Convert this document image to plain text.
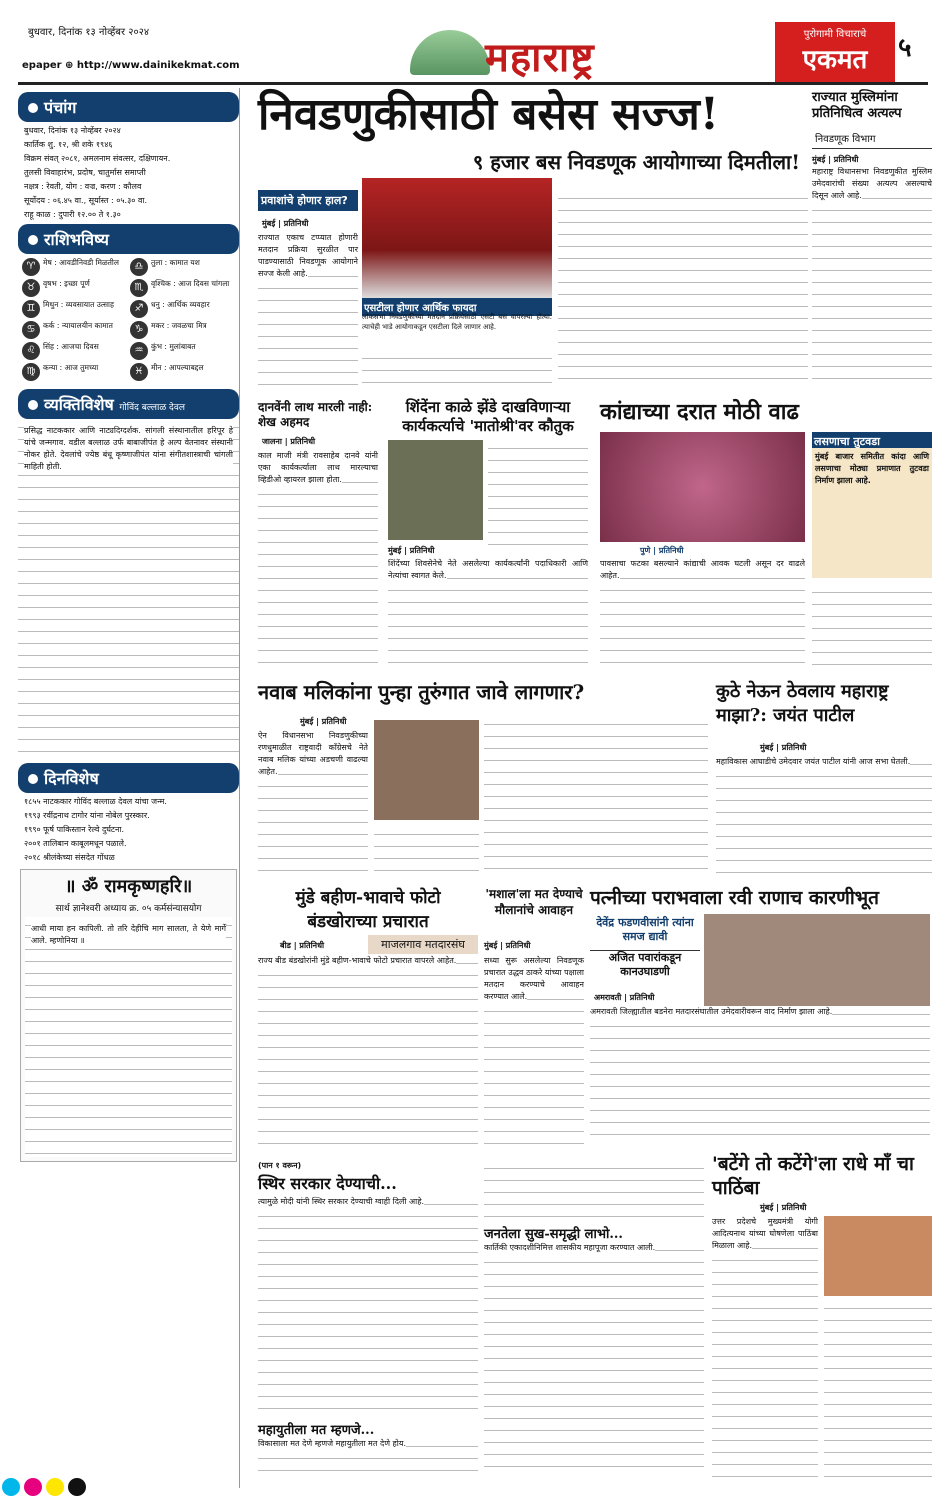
बुधवार, दिनांक १३ नोव्हेंबर २०२४
epaper ⊕ http://www.dainikekmat.com	महाराष्ट्र
पुरोगामी विचाराचे
एकमत	५
पंचांग
बुधवार, दिनांक १३ नोव्हेंबर २०२४
कार्तिक शु. १२, श्री शके १९४६
विक्रम संवत् २०८१, अमलनाम संवत्सर, दक्षिणायन.
तुलसी विवाहारंभ, प्रदोष, चातुर्मास समाप्ती
नक्षत्र : रेवती, योग : वज्र, करण : कौलव
सूर्योदय : ०६.४५ वा., सूर्यास्त : ०५.३० वा.
राहू काळ : दुपारी १२.०० ते १.३०
राशिभविष्य
♈	मेष : आवडीनिवडी मिळतील	♎	तुला : कामात यश
♉	वृषभ : इच्छा पूर्ण	♏	वृश्चिक : आज दिवस चांगला
♊	मिथुन : व्यवसायात उत्साह	♐	धनु : आर्थिक व्यवहार
♋	कर्क : न्यायालयीन कामात	♑	मकर : जवळचा मित्र
♌	सिंह : आजचा दिवस	♒	कुंभ : मुलांबाबत
♍	कन्या : आज तुमच्या	♓	मीन : आपल्याबद्दल
व्यक्तिविशेष गोविंद बल्लाळ देवल

प्रसिद्ध नाटककार आणि नाट्यदिग्दर्शक. सांगली संस्थानातील हरिपूर हे यांचे जन्मगाव. वडील बल्लाळ उर्फ बाबाजीपंत हे अल्प वेतनावर संस्थानी नोकर होते. देवलांचे ज्येष्ठ बंधू कृष्णाजीपंत यांना संगीतशास्त्राची चांगली माहिती होती.

दिनविशेष
१८५५ नाटककार गोविंद बल्लाळ देवल यांचा जन्म.
१९९३ रवींद्रनाथ टागोर यांना नोबेल पुरस्कार.
१९९० फूर्ष पाकिस्तान रेल्वे दुर्घटना.
२००१ तालिबान काबूलमधून पळाले.
२०१८ श्रीलंकेच्या संसदेत गोंधळ
॥ ॐ रामकृष्णहरि॥
सार्थ ज्ञानेश्वरी अध्याय क्र. ०५ कर्मसंन्यासयोग

आधी माया हन कापिली. तो तरि देहीचि माग सालता, ते येणे मार्गे आले. म्हणोनिया ॥

निवडणुकीसाठी बसेस सज्ज!
९ हजार बस निवडणूक आयोगाच्या दिमतीला!
प्रवाशांचे होणार हाल?
एसटीला होणार आर्थिक फायदा
लोकसभा निवडणुकीच्या मतदान प्रक्रियेसाठी एसटी बस वापरल्या होत्या. त्याचेही भाडे आयोगाकडून एसटीला दिले जाणार आहे.
मुंबई | प्रतिनिधी
राज्यात एकाच टप्प्यात होणारी मतदान प्रक्रिया सुरळीत पार पाडण्यासाठी निवडणूक आयोगाने सज्ज केली आहे.
राज्यात मुस्लिमांना प्रतिनिधित्व अत्यल्प
निवडणूक विभाग
मुंबई | प्रतिनिधी
महाराष्ट्र विधानसभा निवडणुकीत मुस्लिम उमेदवारांची संख्या अत्यल्प असल्याचे दिसून आले आहे.
दानवेंनी लाथ मारली नाही: शेख अहमद
जालना | प्रतिनिधी
काल माजी मंत्री रावसाहेब दानवे यांनी एका कार्यकर्त्याला लाथ मारल्याचा व्हिडीओ व्हायरल झाला होता.
शिंदेंना काळे झेंडे दाखविणाऱ्या कार्यकर्त्याचे 'मातोश्री'वर कौतुक
मुंबई | प्रतिनिधी
शिंदेंच्या शिवसेनेचे नेते असलेल्या कार्यकर्त्यांनी पदाधिकारी आणि नेत्यांचा स्वागत केले.
कांद्याच्या दरात मोठी वाढ
पुणे | प्रतिनिधी
पावसाचा फटका बसल्याने कांद्याची आवक घटली असून दर वाढले आहेत.
लसणाचा तुटवडा
मुंबई बाजार समितीत कांदा आणि लसणाचा मोठ्या प्रमाणात तुटवडा निर्माण झाला आहे.
नवाब मलिकांना पुन्हा तुरुंगात जावे लागणार?
मुंबई | प्रतिनिधी
ऐन विधानसभा निवडणुकीच्या रणधुमाळीत राष्ट्रवादी काँग्रेसचे नेते नवाब मलिक यांच्या अडचणी वाढल्या आहेत.
कुठे नेऊन ठेवलाय महाराष्ट्र माझा?: जयंत पाटील
मुंबई | प्रतिनिधी
महाविकास आघाडीचे उमेदवार जयंत पाटील यांनी आज सभा घेतली.
मुंडे बहीण-भावाचे फोटो बंडखोराच्या प्रचारात
बीड | प्रतिनिधी	माजलगाव मतदारसंघ
राज्य बीड बंडखोरांनी मुंडे बहीण-भावाचे फोटो प्रचारात वापरले आहेत.
'मशाल'ला मत देण्याचे मौलानांचे आवाहन
मुंबई | प्रतिनिधी
सध्या सुरू असलेल्या निवडणूक प्रचारात उद्धव ठाकरे यांच्या पक्षाला मतदान करण्याचे आवाहन करण्यात आले.
पत्नीच्या पराभवाला रवी राणाच कारणीभूत
देवेंद्र फडणवीसांनी त्यांना समज द्यावी
अजित पवारांकडून कानउघाडणी
अमरावती | प्रतिनिधी
अमरावती जिल्ह्यातील बडनेरा मतदारसंघातील उमेदवारीवरून वाद निर्माण झाला आहे.
(पान १ वरून)
स्थिर सरकार देण्याची...
त्यामुळे मोदी यांनी स्थिर सरकार देण्याची ग्वाही दिली आहे.
जनतेला सुख-समृद्धी लाभो...
कार्तिकी एकादशीनिमित्त शासकीय महापूजा करण्यात आली.
महायुतीला मत म्हणजे...
विकासाला मत देणे म्हणजे महायुतीला मत देणे होय.
'बटेंगे तो कटेंगे'ला राधे माँ चा पाठिंबा
मुंबई | प्रतिनिधी
उत्तर प्रदेशचे मुख्यमंत्री योगी आदित्यनाथ यांच्या घोषणेला पाठिंबा मिळाला आहे.
